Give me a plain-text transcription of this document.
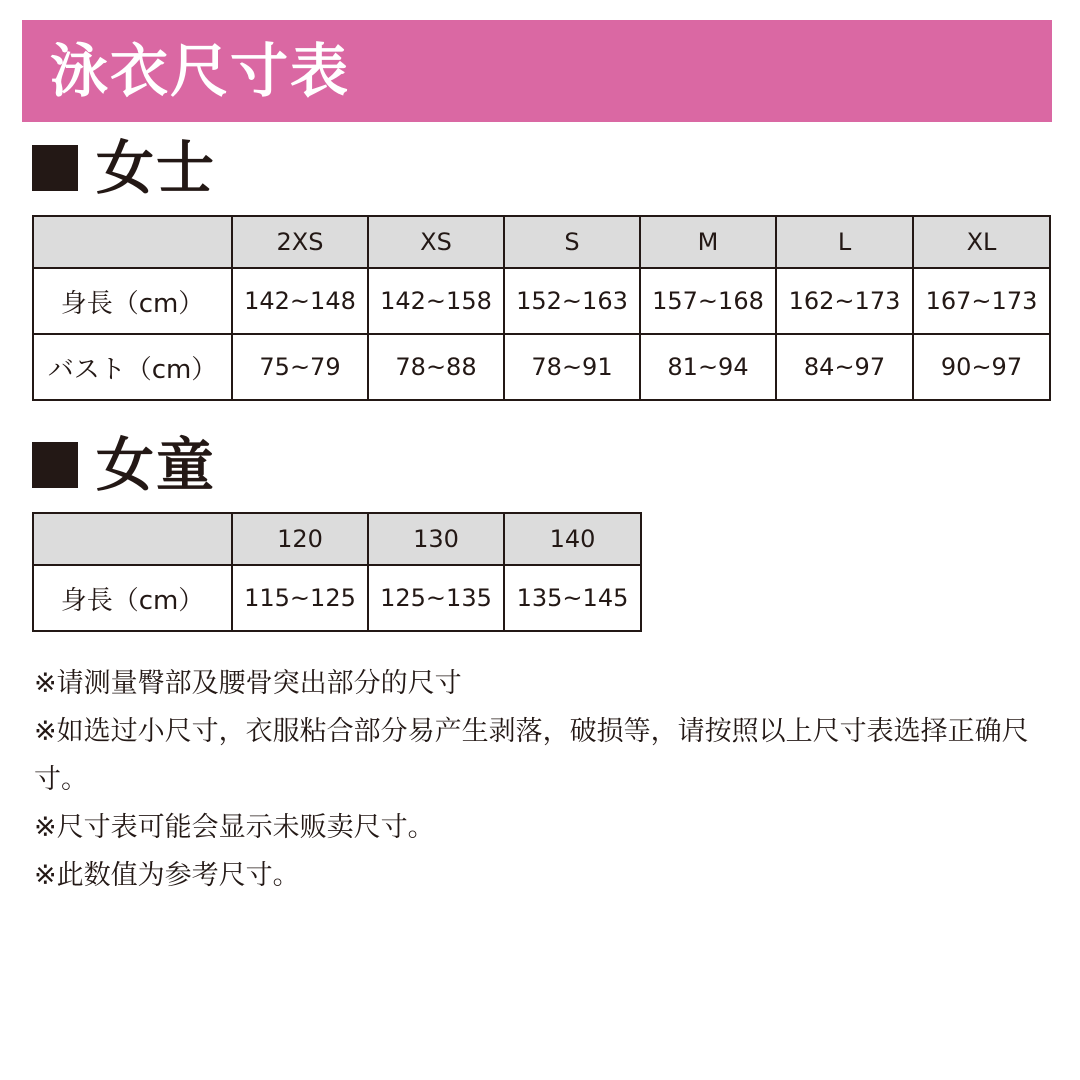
泳衣尺寸表
女士
	2XS	XS	S	M	L	XL
身長（cm）	142~148	142~158	152~163	157~168	162~173	167~173
バスト（cm）	75~79	78~88	78~91	81~94	84~97	90~97
女童
	120	130	140
身長（cm）	115~125	125~135	135~145

※请测量臀部及腰骨突出部分的尺寸

※如选过小尺寸，衣服粘合部分易产生剥落，破损等，请按照以上尺寸表选择正确尺寸。

※尺寸表可能会显示未贩卖尺寸。

※此数值为参考尺寸。
